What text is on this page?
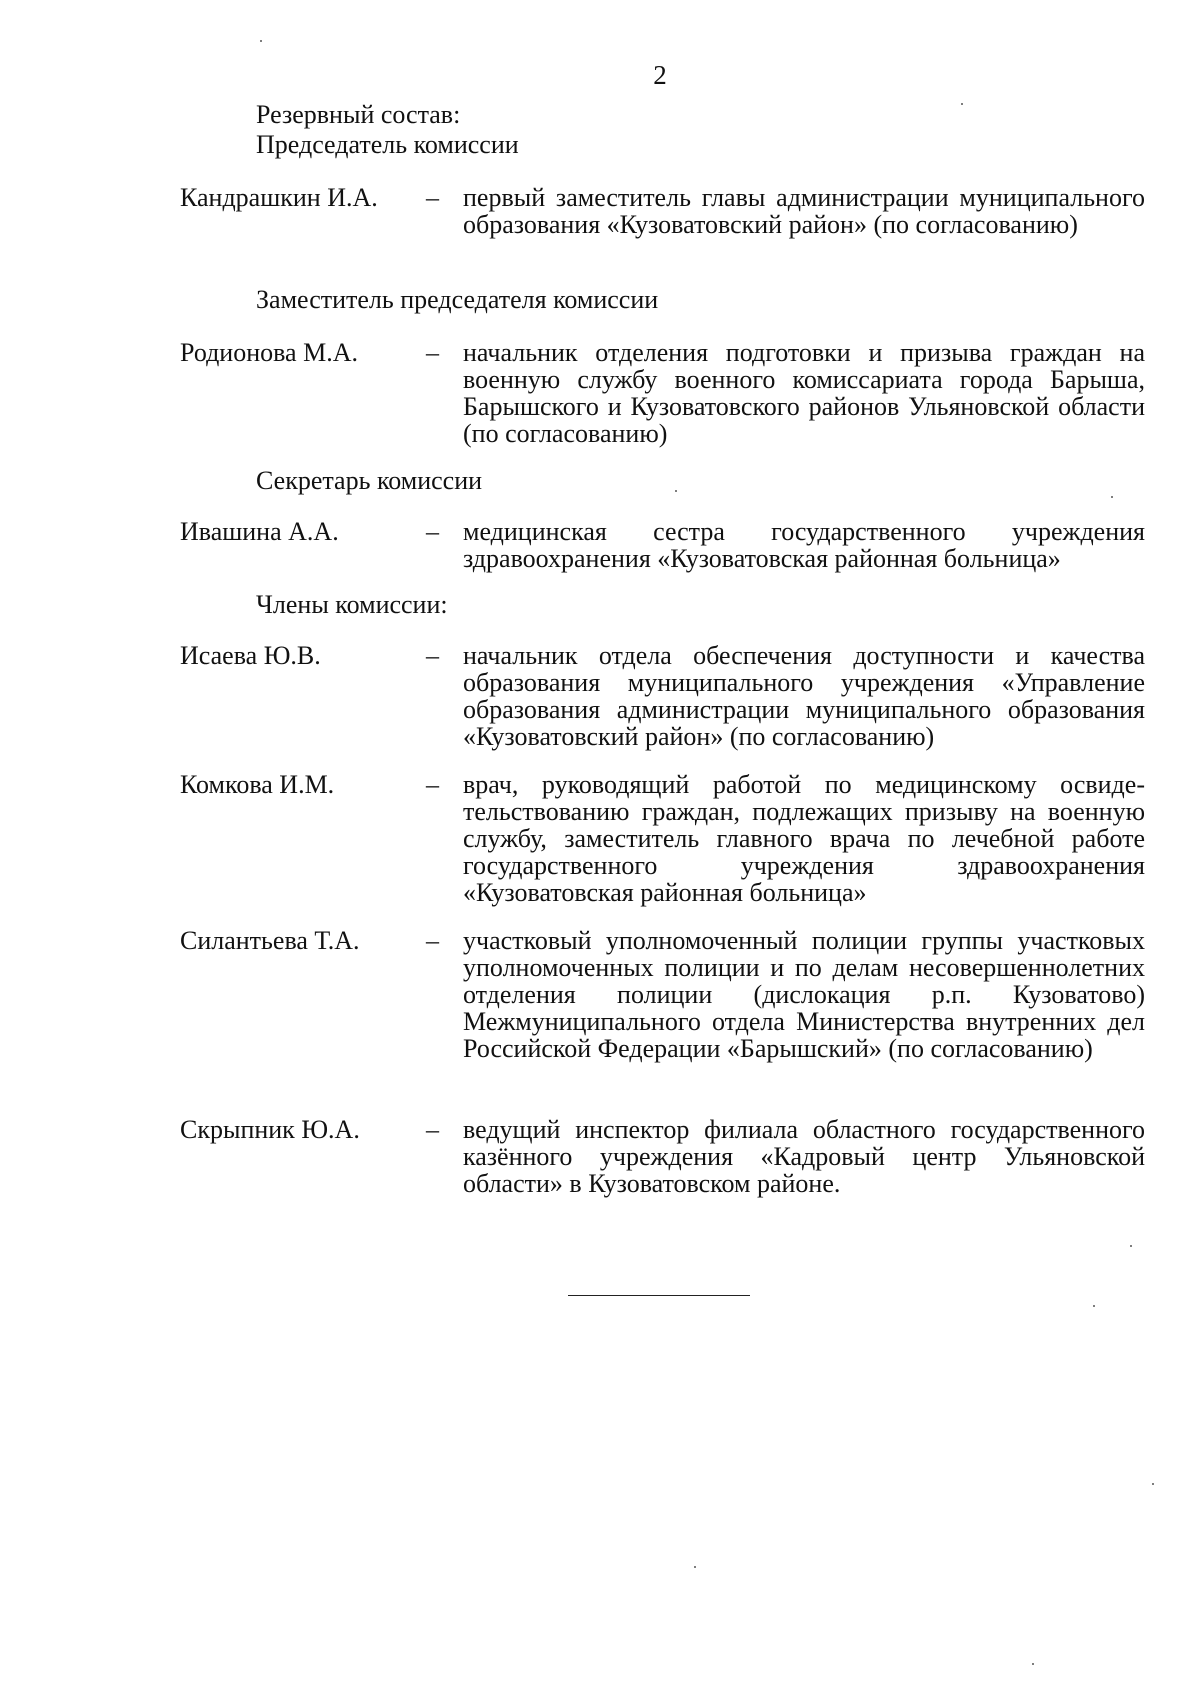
2
Резервный состав:
Председатель комиссии
Кандрашкин И.А. – первый заместитель главы администрации муниципального образования «Кузоватовский район» (по согласованию)
Заместитель председателя комиссии
Родионова М.А.	– начальник отделения подготовки и призыва граждан на военную службу военного комиссариата города Барыша, Барышского и Кузоватовского районов Ульяновской области (по согласованию)
Секретарь комиссии
Ивашина А.А.	– медицинская сестра государственного учреждения здравоохранения «Кузоватовская районная больница»
Члены комиссии:
Исаева Ю.В.	– начальник отдела обеспечения доступности и качества образования муниципального учреждения «Управление образования администрации муниципального образования «Кузоватовский район» (по согласованию)
Комкова И.М.	– врач, руководящий работой по медицинскому освидетельствованию граждан, подлежащих призыву на военную службу, заместитель главного врача по лечебной работе государственного учреждения здравоохранения «Кузоватовская районная больница»
Силантьева Т.А.	– участковый уполномоченный полиции группы участковых уполномоченных полиции и по делам несовершеннолетних отделения полиции (дислокация р.п. Кузоватово) Межмуниципального отдела Министерства внутренних дел Российской Федерации «Барышский» (по согласованию)
Скрыпник Ю.А.	– ведущий инспектор филиала областного государственного казённого учреждения «Кадровый центр Ульяновской области» в Кузоватовском районе.
